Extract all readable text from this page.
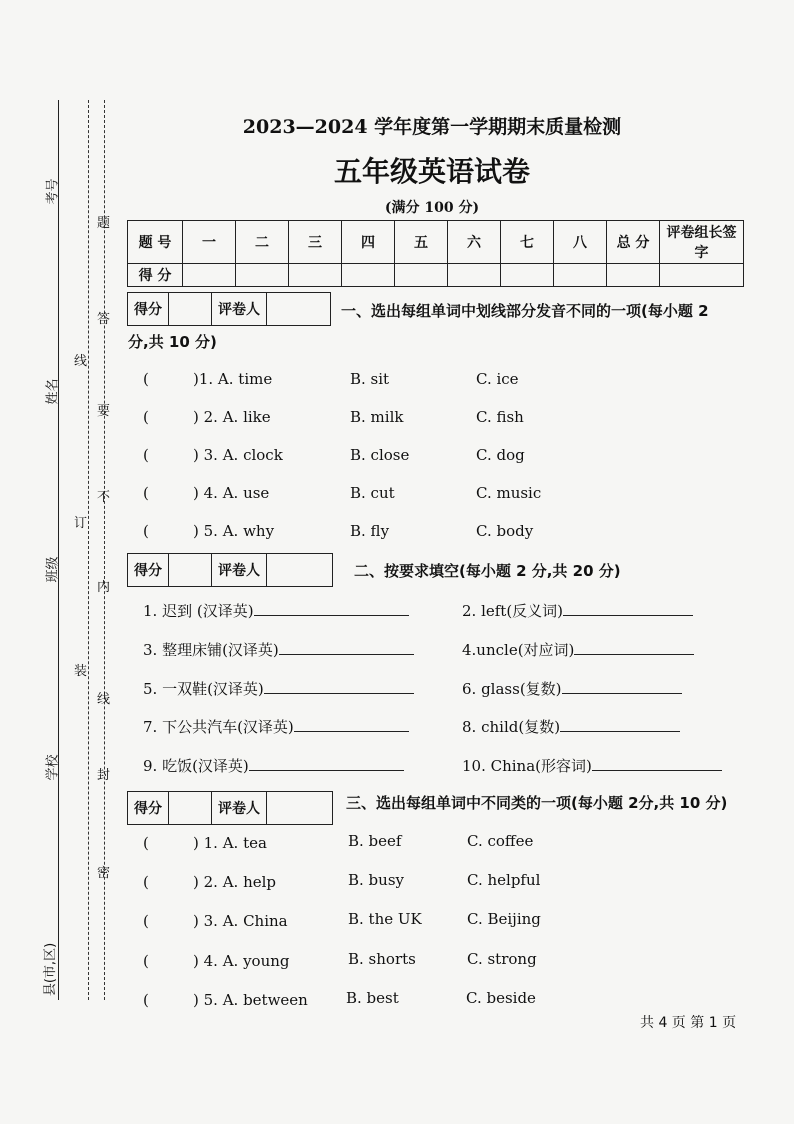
考号
姓名
班级
学校
县(市,区)
线
订
装
题
答
要
不
内
线
封
密
2023—2024 学年度第一学期期末质量检测
五年级英语试卷
(满分 100 分)
题 号	一	二	三	四	五	六	七	八	总 分	评卷组长签字
得 分										
得分	评卷人	一、选出每组单词中划线部分发音不同的一项(每小题 2
分,共 10 分)
(	)1. A. time	B. sit	C. ice
(	) 2. A. like	B. milk	C. fish
(	) 3. A. clock	B. close	C. dog
(	) 4. A. use	B. cut	C. music
(	) 5. A. why	B. fly	C. body
得分	评卷人	二、按要求填空(每小题 2 分,共 20 分)
1. 迟到 (汉译英)	2. left(反义词)
3. 整理床铺(汉译英)	4.uncle(对应词)
5. 一双鞋(汉译英)	6. glass(复数)
7. 下公共汽车(汉译英)	8. child(复数)
9. 吃饭(汉译英)	10. China(形容词)
得分	评卷人	三、选出每组单词中不同类的一项(每小题 2分,共 10 分)
(	) 1. A. tea	B. beef	C. coffee
(	) 2. A. help	B. busy	C. helpful
(	) 3. A. China	B. the UK	C. Beijing
(	) 4. A. young	B. shorts	C. strong
(	) 5. A. between	B. best	C. beside
共 4 页 第 1 页
